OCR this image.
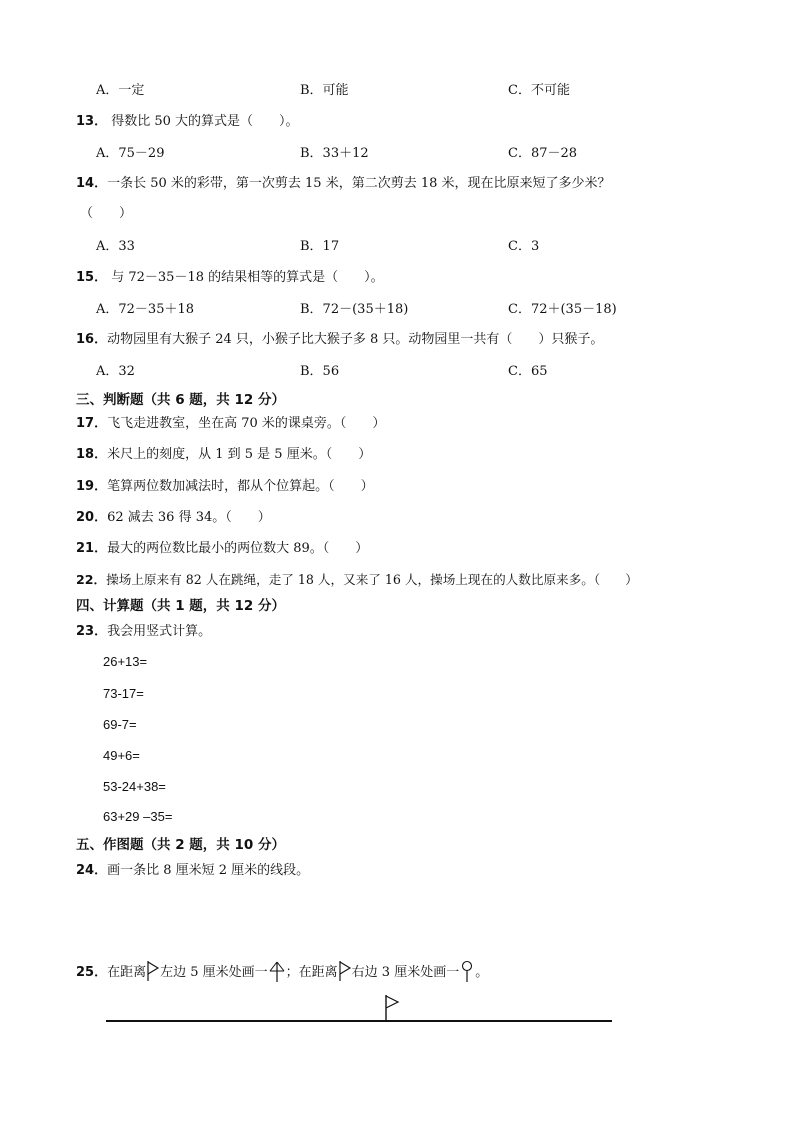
A．一定	B．可能	C．不可能
13． 得数比 50 大的算式是（　　）。
A．75－29	B．33＋12	C．87－28
14．一条长 50 米的彩带，第一次剪去 15 米，第二次剪去 18 米，现在比原来短了多少米？
（　　）
A．33	B．17	C．3
15． 与 72－35－18 的结果相等的算式是（　　）。
A．72－35＋18	B．72－(35＋18)	C．72＋(35－18)
16．动物园里有大猴子 24 只，小猴子比大猴子多 8 只。动物园里一共有（　　）只猴子。
A．32	B．56	C．65
三、判断题（共 6 题，共 12 分）
17．飞飞走进教室，坐在高 70 米的课桌旁。（　　）
18．米尺上的刻度，从 1 到 5 是 5 厘米。（　　）
19．笔算两位数加减法时，都从个位算起。（　　）
20．62 减去 36 得 34。（　　）
21．最大的两位数比最小的两位数大 89。（　　）
22．操场上原来有 82 人在跳绳，走了 18 人，又来了 16 人，操场上现在的人数比原来多。（　　）
四、计算题（共 1 题，共 12 分）
23．我会用竖式计算。
26+13=
73-17=
69-7=
49+6=
53-24+38=
63+29 –35=
五、作图题（共 2 题，共 10 分）
24．画一条比 8 厘米短 2 厘米的线段。
25．在距离 左边 5 厘米处画一 ；在距离 右边 3 厘米处画一 。
